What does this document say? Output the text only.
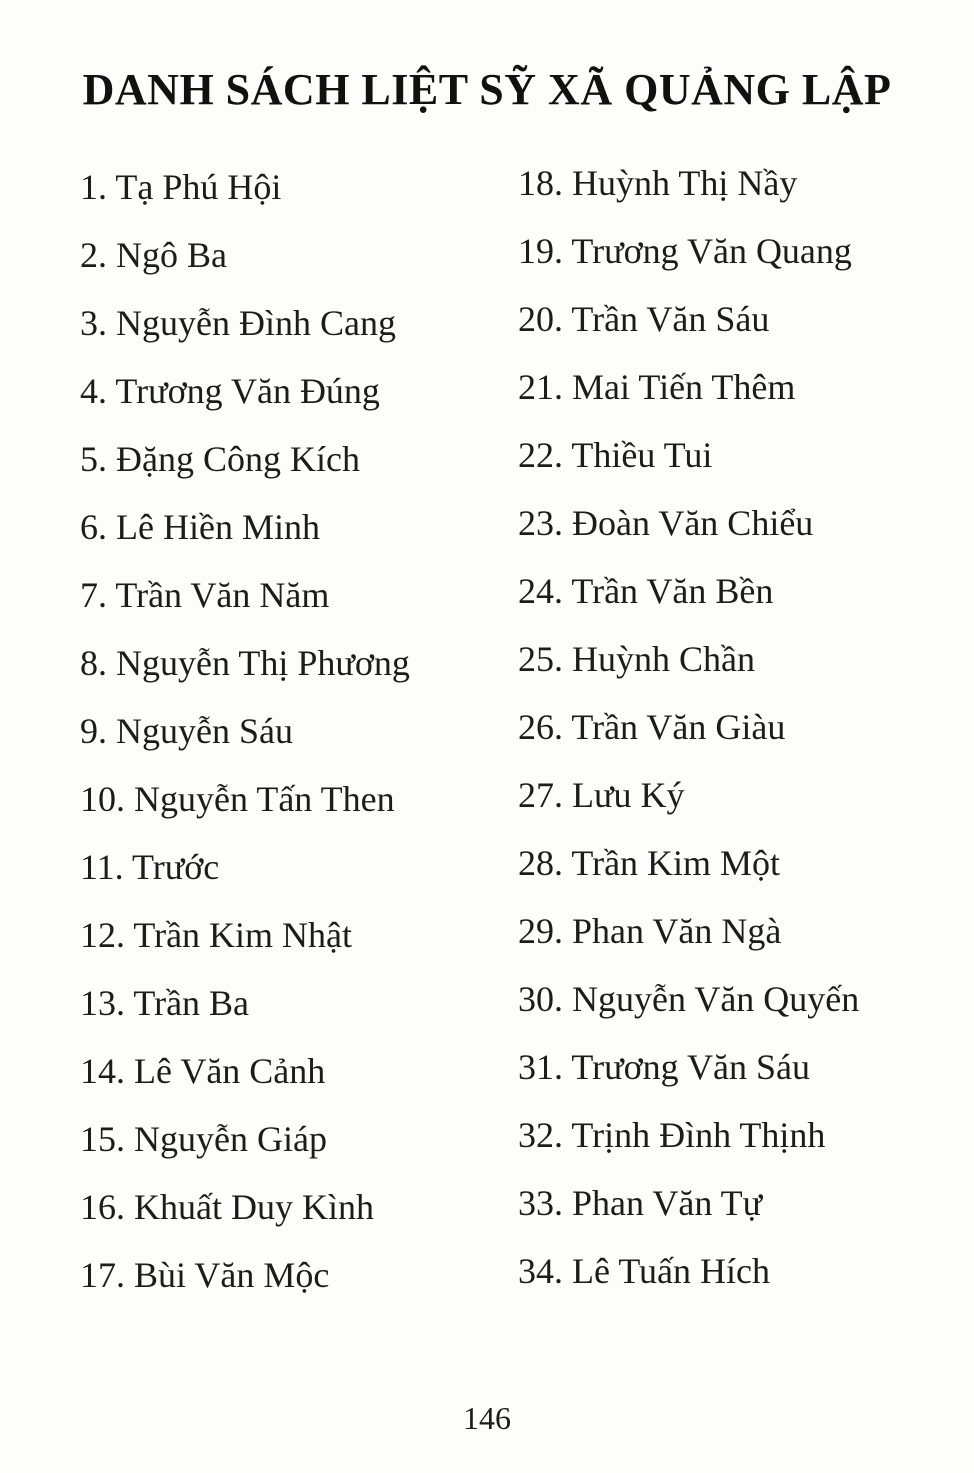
DANH SÁCH LIỆT SỸ XÃ QUẢNG LẬP
1. Tạ Phú Hội
2. Ngô Ba
3. Nguyễn Đình Cang
4. Trương Văn Đúng
5. Đặng Công Kích
6. Lê Hiền Minh
7. Trần Văn Năm
8. Nguyễn Thị Phương
9. Nguyễn Sáu
10. Nguyễn Tấn Then
11. Trước
12. Trần Kim Nhật
13. Trần Ba
14. Lê Văn Cảnh
15. Nguyễn Giáp
16. Khuất Duy Kình
17. Bùi Văn Mộc
18. Huỳnh Thị Nầy
19. Trương Văn Quang
20. Trần Văn Sáu
21. Mai Tiến Thêm
22. Thiều Tui
23. Đoàn Văn Chiểu
24. Trần Văn Bền
25. Huỳnh Chần
26. Trần Văn Giàu
27. Lưu Ký
28. Trần Kim Một
29. Phan Văn Ngà
30. Nguyễn Văn Quyến
31. Trương Văn Sáu
32. Trịnh Đình Thịnh
33. Phan Văn Tự
34. Lê Tuấn Hích
146
